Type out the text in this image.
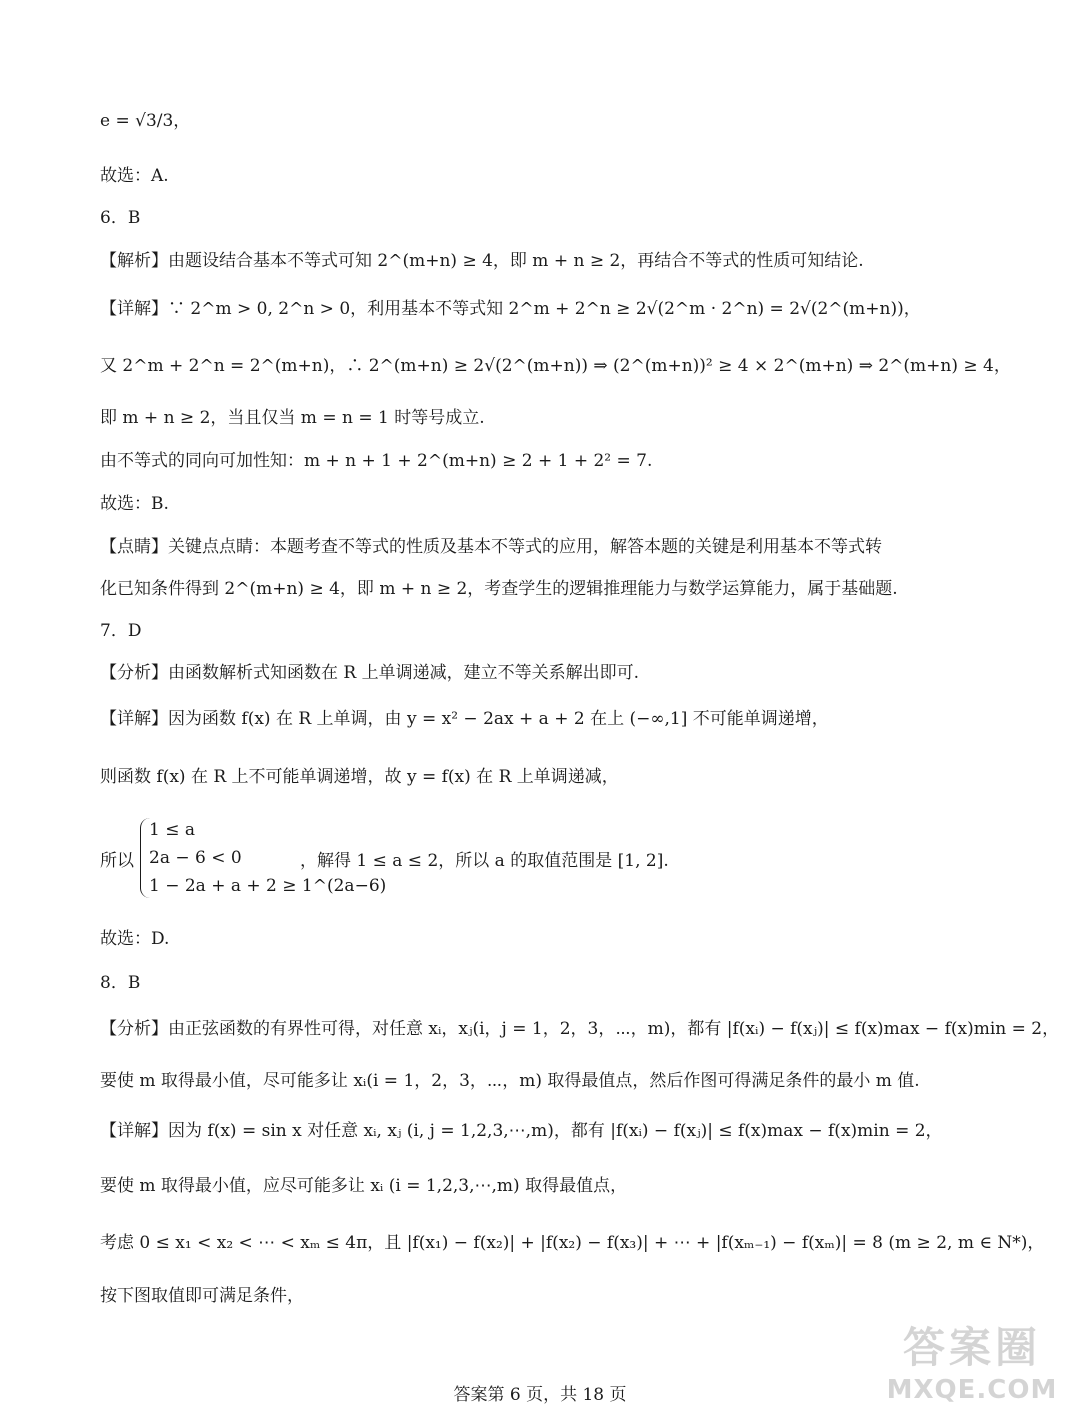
e = √3/3，
故选：A.
6．B
【解析】由题设结合基本不等式可知 2^(m+n) ≥ 4，即 m + n ≥ 2，再结合不等式的性质可知结论.
【详解】∵ 2^m > 0, 2^n > 0，利用基本不等式知 2^m + 2^n ≥ 2√(2^m · 2^n) = 2√(2^(m+n))，
又 2^m + 2^n = 2^(m+n)，∴ 2^(m+n) ≥ 2√(2^(m+n)) ⇒ (2^(m+n))² ≥ 4 × 2^(m+n) ⇒ 2^(m+n) ≥ 4，
即 m + n ≥ 2，当且仅当 m = n = 1 时等号成立.
由不等式的同向可加性知：m + n + 1 + 2^(m+n) ≥ 2 + 1 + 2² = 7.
故选：B.
【点睛】关键点点睛：本题考查不等式的性质及基本不等式的应用，解答本题的关键是利用基本不等式转
化已知条件得到 2^(m+n) ≥ 4，即 m + n ≥ 2，考查学生的逻辑推理能力与数学运算能力，属于基础题.
7．D
【分析】由函数解析式知函数在 R 上单调递减，建立不等关系解出即可.
【详解】因为函数 f(x) 在 R 上单调，由 y = x² − 2ax + a + 2 在上 (−∞,1] 不可能单调递增，
则函数 f(x) 在 R 上不可能单调递增，故 y = f(x) 在 R 上单调递减，
所以	，解得 1 ≤ a ≤ 2，所以 a 的取值范围是 [1, 2].
故选：D.
8．B
【分析】由正弦函数的有界性可得，对任意 xᵢ，xⱼ(i，j = 1，2，3，⋯，m)，都有 |f(xᵢ) − f(xⱼ)| ≤ f(x)max − f(x)min = 2，
要使 m 取得最小值，尽可能多让 xᵢ(i = 1，2，3，⋯，m) 取得最值点，然后作图可得满足条件的最小 m 值.
【详解】因为 f(x) = sin x 对任意 xᵢ, xⱼ (i, j = 1,2,3,⋯,m)，都有 |f(xᵢ) − f(xⱼ)| ≤ f(x)max − f(x)min = 2，
要使 m 取得最小值，应尽可能多让 xᵢ (i = 1,2,3,⋯,m) 取得最值点，
考虑 0 ≤ x₁ < x₂ < ⋯ < xₘ ≤ 4π，且 |f(x₁) − f(x₂)| + |f(x₂) − f(x₃)| + ⋯ + |f(xₘ₋₁) − f(xₘ)| = 8 (m ≥ 2, m ∈ N*)，
按下图取值即可满足条件，
1 ≤ a
2a − 6 < 0
1 − 2a + a + 2 ≥ 1^(2a−6)
答案第 6 页，共 18 页
答案圈
MXQE.COM
